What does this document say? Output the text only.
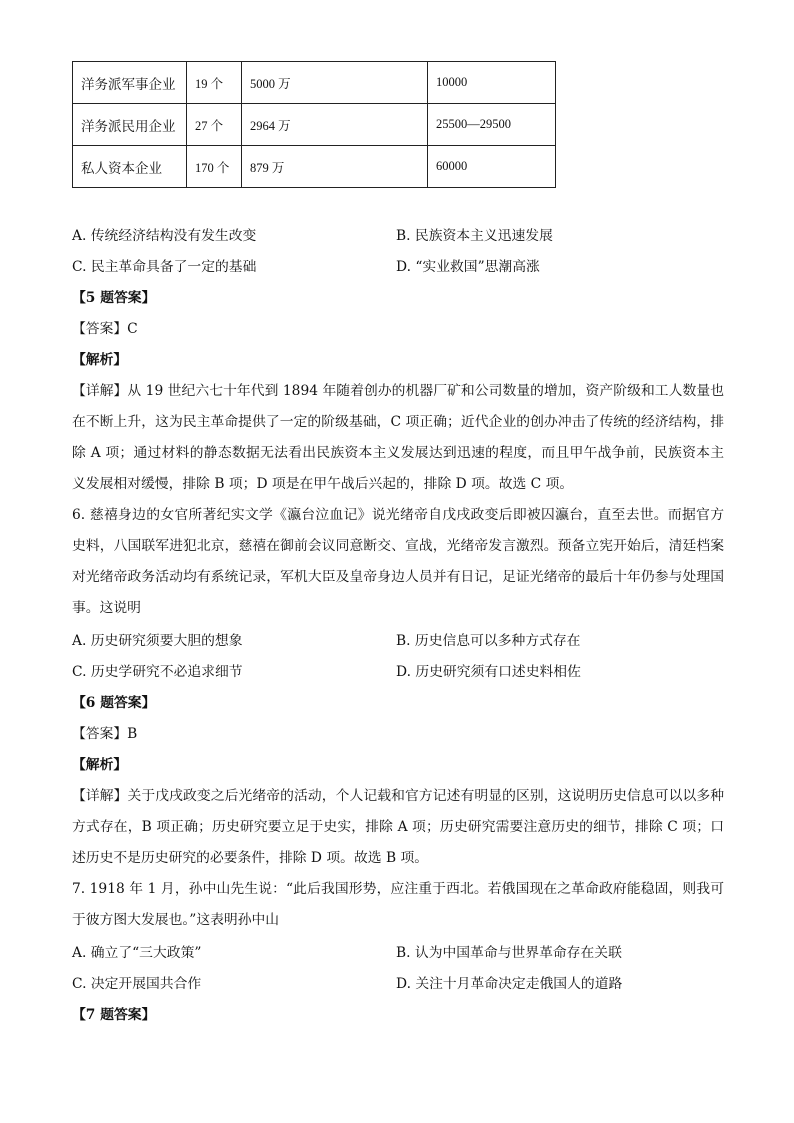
洋务派军事企业	19 个	5000 万	10000
洋务派民用企业	27 个	2964 万	25500—29500
私人资本企业	170 个	879 万	60000
A. 传统经济结构没有发生改变	B. 民族资本主义迅速发展
C. 民主革命具备了一定的基础	D. “实业救国”思潮高涨
【5 题答案】
【答案】C
【解析】
【详解】从 19 世纪六七十年代到 1894 年随着创办的机器厂矿和公司数量的增加，资产阶级和工人数量也在不断上升，这为民主革命提供了一定的阶级基础，C 项正确；近代企业的创办冲击了传统的经济结构，排除 A 项；通过材料的静态数据无法看出民族资本主义发展达到迅速的程度，而且甲午战争前，民族资本主义发展相对缓慢，排除 B 项；D 项是在甲午战后兴起的，排除 D 项。故选 C 项。
6. 慈禧身边的女官所著纪实文学《瀛台泣血记》说光绪帝自戊戌政变后即被囚瀛台，直至去世。而据官方史料，八国联军进犯北京，慈禧在御前会议同意断交、宣战，光绪帝发言激烈。预备立宪开始后，清廷档案对光绪帝政务活动均有系统记录，军机大臣及皇帝身边人员并有日记，足证光绪帝的最后十年仍参与处理国事。这说明
A. 历史研究须要大胆的想象	B. 历史信息可以多种方式存在
C. 历史学研究不必追求细节	D. 历史研究须有口述史料相佐
【6 题答案】
【答案】B
【解析】
【详解】关于戊戌政变之后光绪帝的活动，个人记载和官方记述有明显的区别，这说明历史信息可以以多种方式存在，B 项正确；历史研究要立足于史实，排除 A 项；历史研究需要注意历史的细节，排除 C 项；口述历史不是历史研究的必要条件，排除 D 项。故选 B 项。
7. 1918 年 1 月，孙中山先生说：“此后我国形势，应注重于西北。若俄国现在之革命政府能稳固，则我可于彼方图大发展也。”这表明孙中山
A. 确立了“三大政策”	B. 认为中国革命与世界革命存在关联
C. 决定开展国共合作	D. 关注十月革命决定走俄国人的道路
【7 题答案】
